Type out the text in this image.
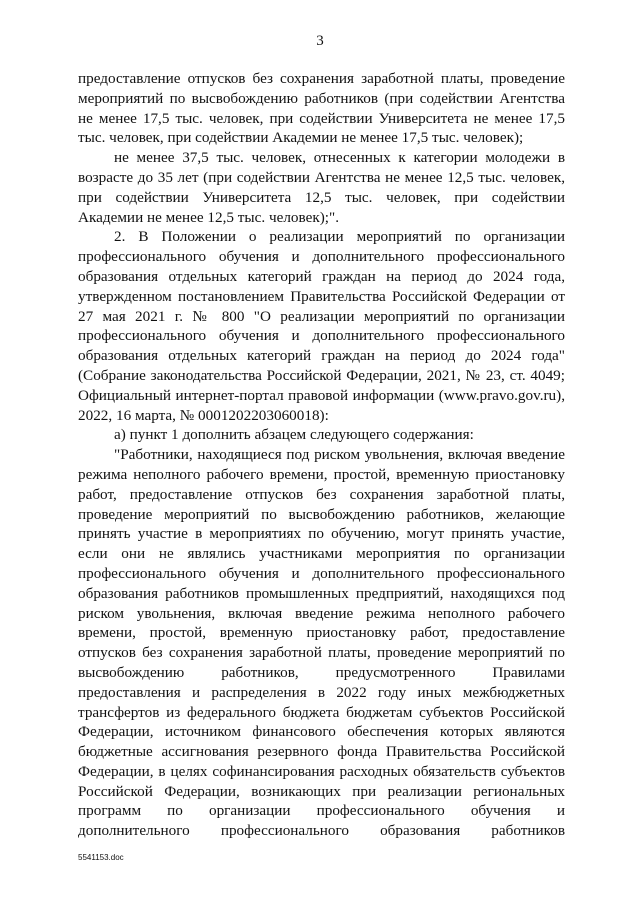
3

предоставление отпусков без сохранения заработной платы, проведение мероприятий по высвобождению работников (при содействии Агентства не менее 17,5 тыс. человек, при содействии Университета не менее 17,5 тыс. человек, при содействии Академии не менее 17,5 тыс. человек);

не менее 37,5 тыс. человек, отнесенных к категории молодежи в возрасте до 35 лет (при содействии Агентства не менее 12,5 тыс. человек, при содействии Университета 12,5 тыс. человек, при содействии Академии не менее 12,5 тыс. человек);".

2. В Положении о реализации мероприятий по организации профессионального обучения и дополнительного профессионального образования отдельных категорий граждан на период до 2024 года, утвержденном постановлением Правительства Российской Федерации от 27 мая 2021 г. № 800 "О реализации мероприятий по организации профессионального обучения и дополнительного профессионального образования отдельных категорий граждан на период до 2024 года" (Собрание законодательства Российской Федерации, 2021, № 23, ст. 4049; Официальный интернет-портал правовой информации (www.pravo.gov.ru), 2022, 16 марта, № 0001202203060018):

а) пункт 1 дополнить абзацем следующего содержания:

"Работники, находящиеся под риском увольнения, включая введение режима неполного рабочего времени, простой, временную приостановку работ, предоставление отпусков без сохранения заработной платы, проведение мероприятий по высвобождению работников, желающие принять участие в мероприятиях по обучению, могут принять участие, если они не являлись участниками мероприятия по организации профессионального обучения и дополнительного профессионального образования работников промышленных предприятий, находящихся под риском увольнения, включая введение режима неполного рабочего времени, простой, временную приостановку работ, предоставление отпусков без сохранения заработной платы, проведение мероприятий по высвобождению работников, предусмотренного Правилами предоставления и распределения в 2022 году иных межбюджетных трансфертов из федерального бюджета бюджетам субъектов Российской Федерации, источником финансового обеспечения которых являются бюджетные ассигнования резервного фонда Правительства Российской Федерации, в целях софинансирования расходных обязательств субъектов Российской Федерации, возникающих при реализации региональных программ по организации профессионального обучения и дополнительного профессионального образования работников

5541153.doc
